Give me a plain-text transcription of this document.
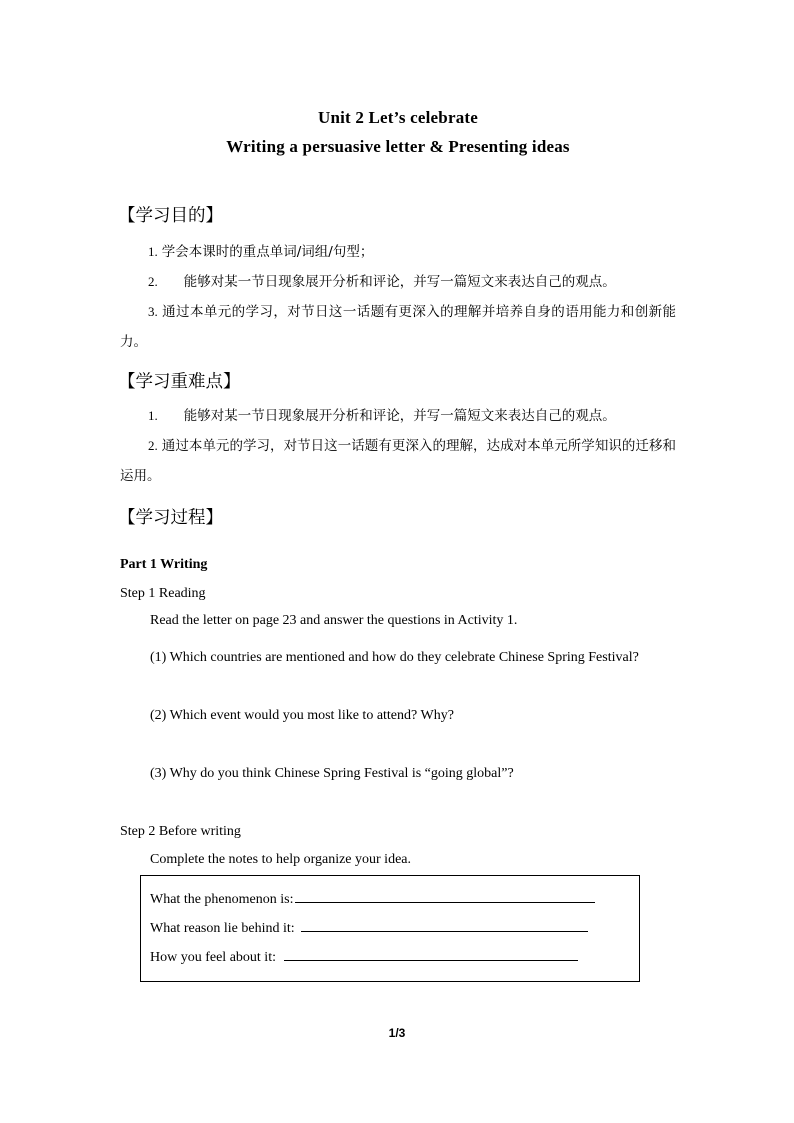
Unit 2 Let’s celebrate
Writing a persuasive letter & Presenting ideas
【学习目的】

1. 学会本课时的重点单词/词组/句型；

2. 能够对某一节日现象展开分析和评论，并写一篇短文来表达自己的观点。

3. 通过本单元的学习，对节日这一话题有更深入的理解并培养自身的语用能力和创新能力。

【学习重难点】

1. 能够对某一节日现象展开分析和评论，并写一篇短文来表达自己的观点。

2. 通过本单元的学习，对节日这一话题有更深入的理解，达成对本单元所学知识的迁移和运用。

【学习过程】

Part 1 Writing

Step 1 Reading

Read the letter on page 23 and answer the questions in Activity 1.

(1) Which countries are mentioned and how do they celebrate Chinese Spring Festival?

(2) Which event would you most like to attend? Why?

(3) Why do you think Chinese Spring Festival is “going global”?

Step 2 Before writing

Complete the notes to help organize your idea.

What the phenomenon is:
What reason lie behind it:
How you feel about it:
1/3
